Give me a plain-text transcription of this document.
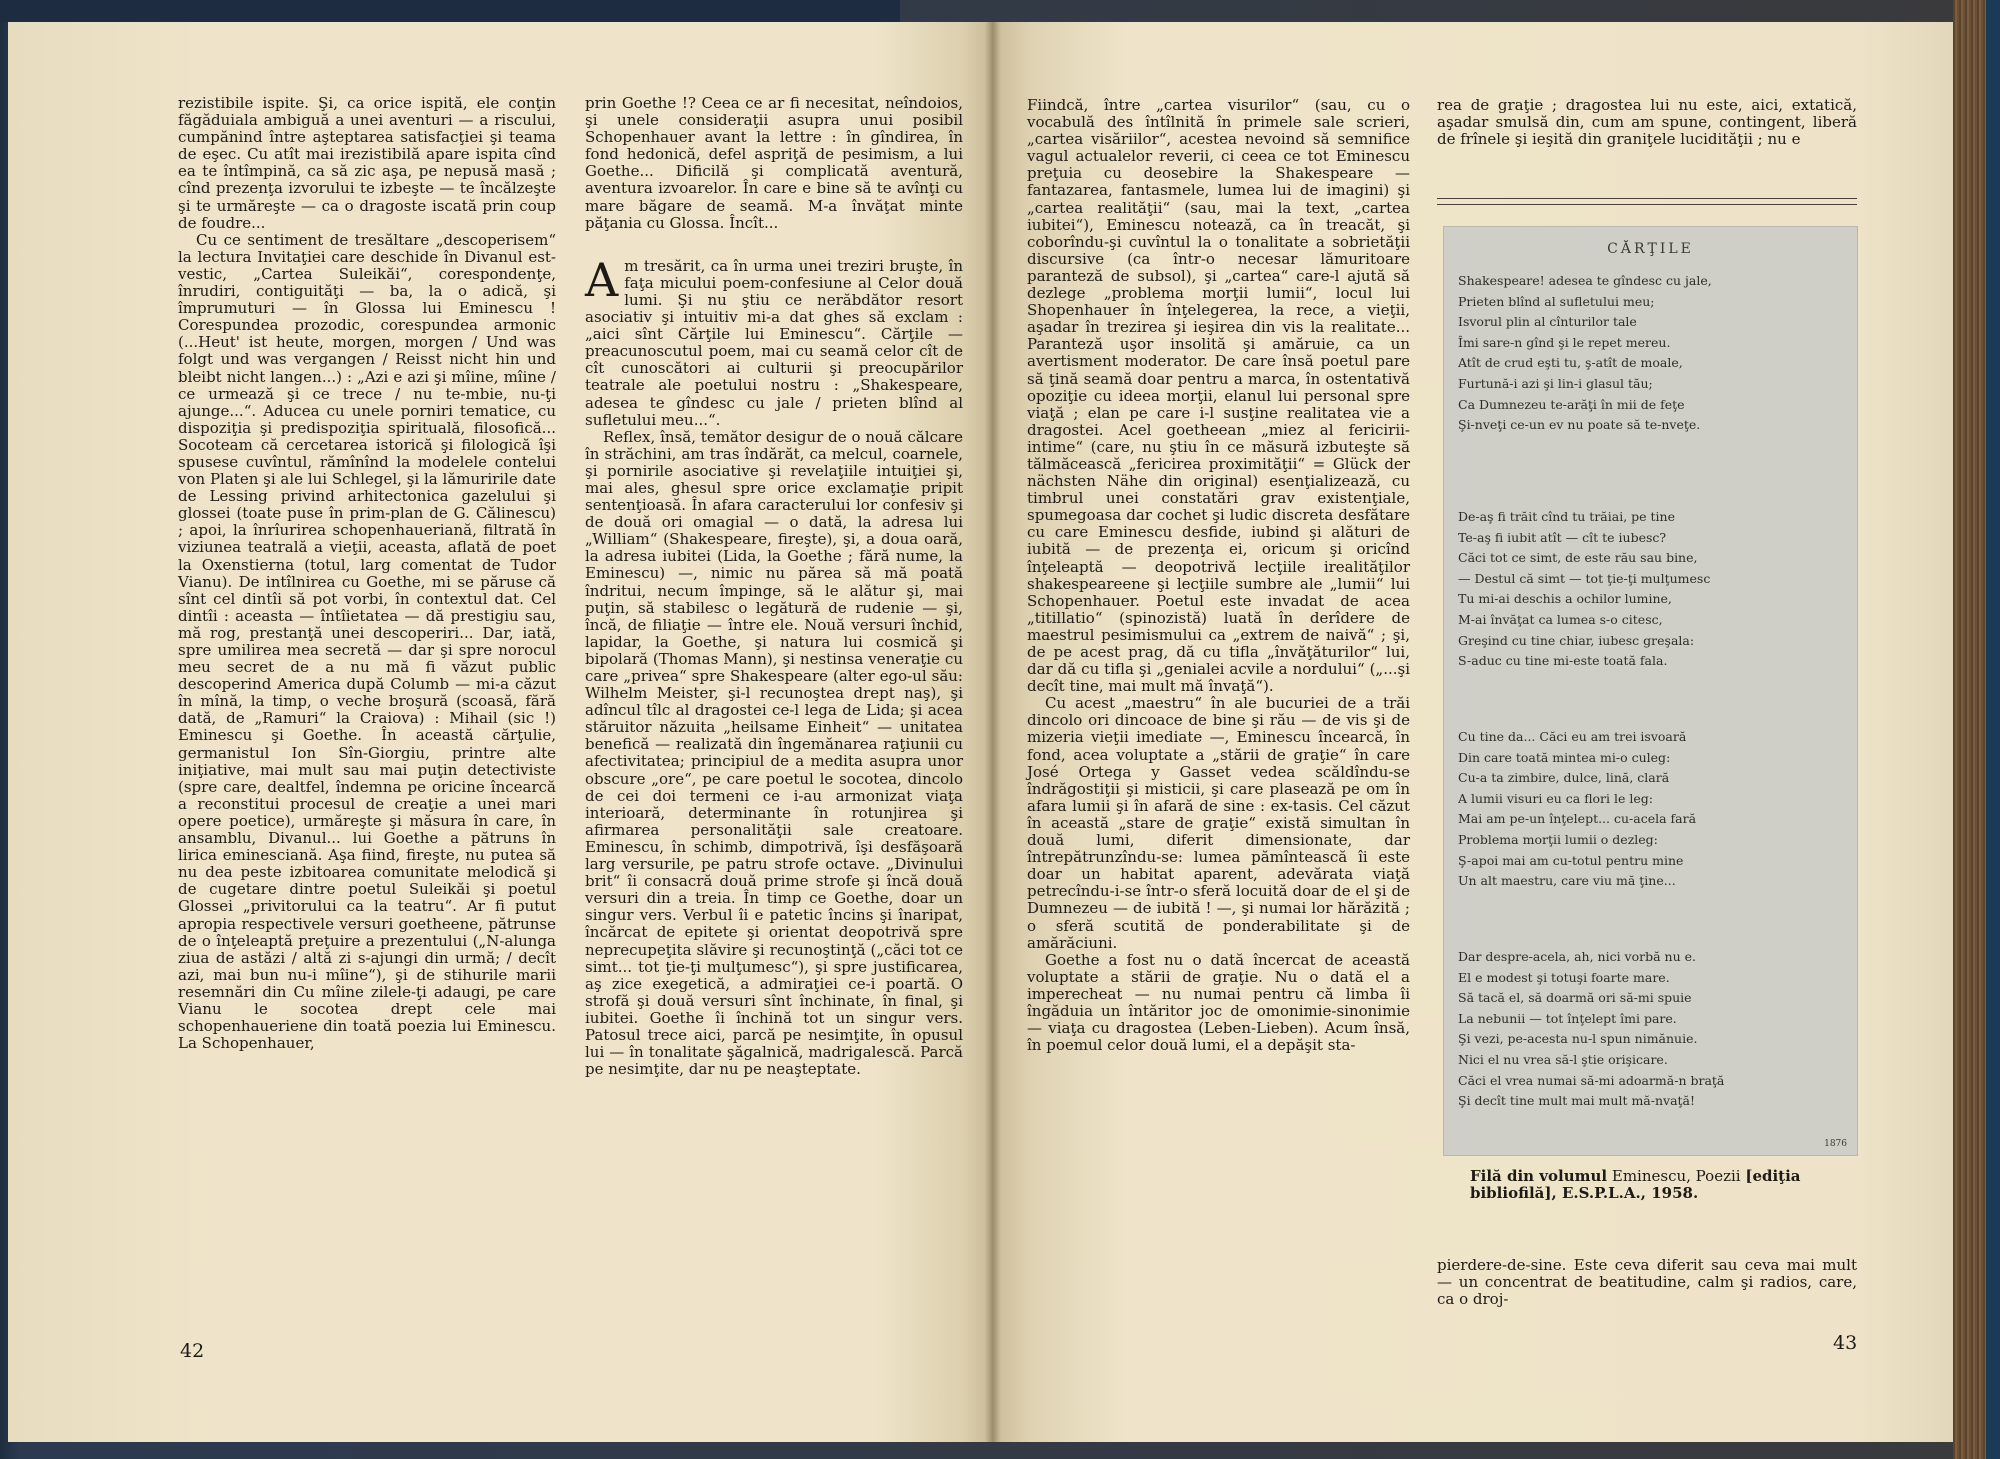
rezistibile ispite. Şi, ca orice ispită, ele conţin făgăduiala ambiguă a unei aventuri — a riscului, cumpănind între aşteptarea satisfacţiei şi teama de eşec. Cu atît mai irezistibilă apare ispita cînd ea te întîmpină, ca să zic aşa, pe nepusă masă ; cînd prezenţa izvorului te izbeşte — te încălzeşte şi te urmăreşte — ca o dragoste iscată prin coup de foudre...

Cu ce sentiment de tresăltare „descoperisem“ la lectura Invitaţiei care deschide în Divanul est-vestic, „Cartea Suleikăi“, corespondenţe, înrudiri, contiguităţi — ba, la o adică, şi împrumuturi — în Glossa lui Eminescu ! Corespundea prozodic, corespundea armonic (...Heut' ist heute, morgen, morgen / Und was folgt und was vergangen / Reisst nicht hin und bleibt nicht langen...) : „Azi e azi şi mîine, mîine / ce urmează şi ce trece / nu te-mbie, nu-ţi ajunge...“. Aducea cu unele porniri tematice, cu dispoziţia şi predispoziţia spirituală, filosofică... Socoteam că cercetarea istorică şi filologică îşi spusese cuvîntul, rămînînd la modelele contelui von Platen şi ale lui Schlegel, şi la lămuririle date de Lessing privind arhitectonica gazelului şi glossei (toate puse în prim-plan de G. Călinescu) ; apoi, la înrîurirea schopenhaueriană, filtrată în viziunea teatrală a vieţii, aceasta, aflată de poet la Oxenstierna (totul, larg comentat de Tudor Vianu). De intîlnirea cu Goethe, mi se păruse că sînt cel dintîi să pot vorbi, în contextul dat. Cel dintîi : aceasta — întîietatea — dă prestigiu sau, mă rog, prestanţă unei descoperiri... Dar, iată, spre umilirea mea secretă — dar şi spre norocul meu secret de a nu mă fi văzut public descoperind America după Columb — mi-a căzut în mînă, la timp, o veche broşură (scoasă, fără dată, de „Ramuri“ la Craiova) : Mihail (sic !) Eminescu şi Goethe. În această cărţulie, germanistul Ion Sîn-Giorgiu, printre alte iniţiative, mai mult sau mai puţin detectiviste (spre care, dealtfel, îndemna pe oricine încearcă a reconstitui procesul de creaţie a unei mari opere poetice), urmăreşte şi măsura în care, în ansamblu, Divanul... lui Goethe a pătruns în lirica eminesciană. Aşa fiind, fireşte, nu putea să nu dea peste izbitoarea comunitate melodică şi de cugetare dintre poetul Suleikăi şi poetul Glossei „privitorului ca la teatru“. Ar fi putut apropia respectivele versuri goetheene, pătrunse de o înţeleaptă preţuire a prezentului („N-alunga ziua de astăzi / altă zi s-ajungi din urmă; / decît azi, mai bun nu-i mîine“), şi de stihurile marii resemnări din Cu mîine zilele-ţi adaugi, pe care Vianu le socotea drept cele mai schopenhaueriene din toată poezia lui Eminescu. La Schopenhauer,

prin Goethe !? Ceea ce ar fi necesitat, neîndoios, şi unele consideraţii asupra unui posibil Schopenhauer avant la lettre : în gîndirea, în fond hedonică, defel aspriţă de pesimism, a lui Goethe... Dificilă şi complicată aventură, aventura izvoarelor. În care e bine să te avînţi cu mare băgare de seamă. M-a învăţat minte păţania cu Glossa. Încît...

Am tresărit, ca în urma unei treziri bruşte, în faţa micului poem-confesiune al Celor două lumi. Şi nu ştiu ce nerăbdător resort asociativ şi intuitiv mi-a dat ghes să exclam : „aici sînt Cărţile lui Eminescu“. Cărţile — preacunoscutul poem, mai cu seamă celor cît de cît cunoscători ai culturii şi preocupărilor teatrale ale poetului nostru : „Shakespeare, adesea te gîndesc cu jale / prieten blînd al sufletului meu...“.

Reflex, însă, temător desigur de o nouă călcare în străchini, am tras îndărăt, ca melcul, coarnele, şi pornirile asociative şi revelaţiile intuiţiei şi, mai ales, ghesul spre orice exclamaţie pripit sentenţioasă. În afara caracterului lor confesiv şi de două ori omagial — o dată, la adresa lui „William“ (Shakespeare, fireşte), şi, a doua oară, la adresa iubitei (Lida, la Goethe ; fără nume, la Eminescu) —, nimic nu părea să mă poată îndritui, necum împinge, să le alătur şi, mai puţin, să stabilesc o legătură de rudenie — şi, încă, de filiaţie — între ele. Nouă versuri închid, lapidar, la Goethe, şi natura lui cosmică şi bipolară (Thomas Mann), şi nestinsa veneraţie cu care „privea“ spre Shakespeare (alter ego-ul său: Wilhelm Meister, şi-l recunoştea drept naş), şi adîncul tîlc al dragostei ce-l lega de Lida; şi acea stăruitor năzuita „heilsame Einheit“ — unitatea benefică — realizată din îngemănarea raţiunii cu afectivitatea; principiul de a medita asupra unor obscure „ore“, pe care poetul le socotea, dincolo de cei doi termeni ce i-au armonizat viaţa interioară, determinante în rotunjirea şi afirmarea personalităţii sale creatoare. Eminescu, în schimb, dimpotrivă, îşi desfăşoară larg versurile, pe patru strofe octave. „Divinului brit“ îi consacră două prime strofe şi încă două versuri din a treia. În timp ce Goethe, doar un singur vers. Verbul îi e patetic încins şi înaripat, încărcat de epitete şi orientat deopotrivă spre neprecupeţita slăvire şi recunoştinţă („căci tot ce simt... tot ţie-ţi mulţumesc“), şi spre justificarea, aş zice exegetică, a admiraţiei ce-i poartă. O strofă şi două versuri sînt închinate, în final, şi iubitei. Goethe îi închină tot un singur vers. Patosul trece aici, parcă pe nesimţite, în opusul lui — în tonalitate şăgalnică, madrigalescă. Parcă pe nesimţite, dar nu pe neaşteptate.

42

Fiindcă, între „cartea visurilor“ (sau, cu o vocabulă des întîlnită în primele sale scrieri, „cartea visăriilor“, acestea nevoind să semnifice vagul actualelor reverii, ci ceea ce tot Eminescu preţuia cu deosebire la Shakespeare — fantazarea, fantasmele, lumea lui de imagini) şi „cartea realităţii“ (sau, mai la text, „cartea iubitei“), Eminescu notează, ca în treacăt, şi coborîndu-şi cuvîntul la o tonalitate a sobrietăţii discursive (ca într-o necesar lămuritoare paranteză de subsol), şi „cartea“ care-l ajută să dezlege „problema morţii lumii“, locul lui Shopenhauer în înţelegerea, la rece, a vieţii, aşadar în trezirea şi ieşirea din vis la realitate... Paranteză uşor insolită şi amăruie, ca un avertisment moderator. De care însă poetul pare să ţină seamă doar pentru a marca, în ostentativă opoziţie cu ideea morţii, elanul lui personal spre viaţă ; elan pe care i-l susţine realitatea vie a dragostei. Acel goetheean „miez al fericirii-intime“ (care, nu ştiu în ce măsură izbuteşte să tălmăcească „fericirea proximităţii“ = Glück der nächsten Nähe din original) esenţializează, cu timbrul unei constatări grav existenţiale, spumegoasa dar cochet şi ludic discreta desfătare cu care Eminescu desfide, iubind şi alături de iubită — de prezenţa ei, oricum şi oricînd înţeleaptă — deopotrivă lecţiile irealităţilor shakespeareene şi lecţiile sumbre ale „lumii“ lui Schopenhauer. Poetul este invadat de acea „titillatio“ (spinozistă) luată în derîdere de maestrul pesimismului ca „extrem de naivă“ ; şi, de pe acest prag, dă cu tifla „învăţăturilor“ lui, dar dă cu tifla şi „genialei acvile a nordului“ („...şi decît tine, mai mult mă învaţă“).

Cu acest „maestru“ în ale bucuriei de a trăi dincolo ori dincoace de bine şi rău — de vis şi de mizeria vieţii imediate —, Eminescu încearcă, în fond, acea voluptate a „stării de graţie“ în care José Ortega y Gasset vedea scăldîndu-se îndrăgostiţii şi misticii, şi care plasează pe om în afara lumii şi în afară de sine : ex-tasis. Cel căzut în această „stare de graţie“ există simultan în două lumi, diferit dimensionate, dar întrepătrunzîndu-se: lumea pămîntească îi este doar un habitat aparent, adevărata viaţă petrecîndu-i-se într-o sferă locuită doar de el şi de Dumnezeu — de iubită ! —, şi numai lor hărăzită ; o sferă scutită de ponderabilitate şi de amărăciuni.

Goethe a fost nu o dată încercat de această voluptate a stării de graţie. Nu o dată el a imperecheat — nu numai pentru că limba îi îngăduia un întăritor joc de omonimie-sinonimie — viaţa cu dragostea (Leben-Lieben). Acum însă, în poemul celor două lumi, el a depăşit sta-

rea de graţie ; dragostea lui nu este, aici, extatică, aşadar smulsă din, cum am spune, contingent, liberă de frînele şi ieşită din graniţele lucidităţii ; nu e

CĂRŢILE
Shakespeare! adesea te gîndesc cu jale,
Prieten blînd al sufletului meu;
Isvorul plin al cînturilor tale
Îmi sare-n gînd şi le repet mereu.
Atît de crud eşti tu, ş-atît de moale,
Furtună-i azi şi lin-i glasul tău;
Ca Dumnezeu te-arăţi în mii de feţe
Şi-nveţi ce-un ev nu poate să te-nveţe.
De-aş fi trăit cînd tu trăiai, pe tine
Te-aş fi iubit atît — cît te iubesc?
Căci tot ce simt, de este rău sau bine,
— Destul că simt — tot ţie-ţi mulţumesc
Tu mi-ai deschis a ochilor lumine,
M-ai învăţat ca lumea s-o citesc,
Greşind cu tine chiar, iubesc greşala:
S-aduc cu tine mi-este toată fala.
Cu tine da... Căci eu am trei isvoară
Din care toată mintea mi-o culeg:
Cu-a ta zimbire, dulce, lină, clară
A lumii visuri eu ca flori le leg:
Mai am pe-un înţelept... cu-acela fară
Problema morţii lumii o dezleg:
Ş-apoi mai am cu-totul pentru mine
Un alt maestru, care viu mă ţine...
Dar despre-acela, ah, nici vorbă nu e.
El e modest şi totuşi foarte mare.
Să tacă el, să doarmă ori să-mi spuie
La nebunii — tot înţelept îmi pare.
Şi vezi, pe-acesta nu-l spun nimănuie.
Nici el nu vrea să-l ştie orişicare.
Căci el vrea numai să-mi adoarmă-n braţă
Şi decît tine mult mai mult mă-nvaţă!
1876
Filă din volumul Eminescu, Poezii [ediţia bibliofilă], E.S.P.L.A., 1958.

pierdere-de-sine. Este ceva diferit sau ceva mai mult — un concentrat de beatitudine, calm şi radios, care, ca o droj-

43
